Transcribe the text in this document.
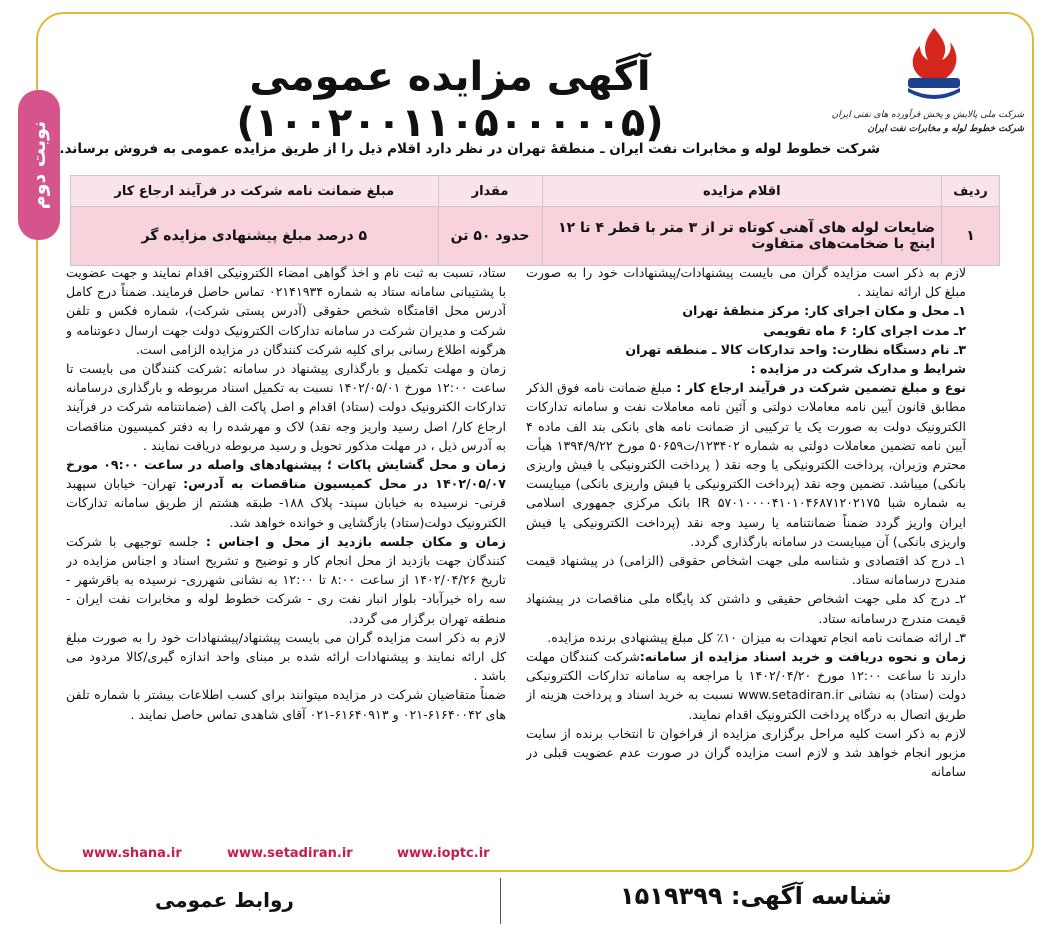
نوبت دوم
شرکت ملی پالایش و پخش فرآورده های نفتی ایران
شرکت خطوط لوله و مخابرات نفت ایران
آگهی مزایده عمومی (۱۰۰۲۰۰۱۱۰۵۰۰۰۰۰۵)

شرکت خطوط لوله و مخابرات نفت ایران ـ منطقۀ تهران در نظر دارد اقلام ذیل را از طریق مزایده عمومی به فروش برساند.

ردیف	اقلام مزایده	مقدار	مبلغ ضمانت نامه شرکت در فرآیند ارجاع کار
۱	ضایعات لوله های آهنی کوتاه تر از ۳ متر با قطر ۴ تا ۱۲ اینچ با ضخامت‌های متفاوت	حدود ۵۰ تن	۵ درصد مبلغ پیشنهادی مزایده گر

لازم به ذکر است مزایده گران می بایست پیشنهادات/پیشنهادات خود را به صورت مبلغ کل ارائه نمایند .

۱ـ محل و مکان اجرای کار: مرکز منطقۀ تهران

۲ـ مدت اجرای کار: ۶ ماه تقویمی

۳ـ نام دستگاه نظارت: واحد تدارکات کالا ـ منطقه تهران

شرایط و مدارک شرکت در مزایده :

نوع و مبلغ تضمین شرکت در فرآیند ارجاع کار : مبلغ ضمانت نامه فوق الذکر مطابق قانون آیین نامه معاملات دولتی و آئین نامه معاملات نفت و سامانه تدارکات الکترونیک دولت به صورت یک یا ترکیبی از ضمانت نامه های بانکی بند الف ماده ۴ آیین نامه تضمین معاملات دولتی به شماره ۱۲۳۴۰۲/ت۵۰۶۵۹ مورخ ۱۳۹۴/۹/۲۲ هیأت محترم وزیران، پرداخت الکترونیکی یا وجه نقد ( پرداخت الکترونیکی یا فیش واریزی بانکی) میباشد. تضمین وجه نقد (پرداخت الکترونیکی یا فیش واریزی بانکی) میبایست به شماره شبا IR ۵۷۰۱۰۰۰۰۴۱۰۱۰۴۶۸۷۱۲۰۲۱۷۵ بانک مرکزی جمهوری اسلامی ایران واریز گردد ضمناً ضمانتنامه یا رسید وجه نقد (پرداخت الکترونیکی یا فیش واریزی بانکی) آن میبایست در سامانه بارگذاری گردد.

۱ـ درج کد اقتصادی و شناسه ملی جهت اشخاص حقوقی (الزامی) در پیشنهاد قیمت مندرج درسامانه ستاد.

۲ـ درج کد ملی جهت اشخاص حقیقی و داشتن کد پایگاه ملی مناقصات در پیشنهاد قیمت مندرج درسامانه ستاد.

۳ـ ارائه ضمانت نامه انجام تعهدات به میزان ۱۰٪ کل مبلغ پیشنهادی برنده مزایده.

زمان و نحوه دریافت و خرید اسناد مزایده از سامانه:شرکت کنندگان مهلت دارند تا ساعت ۱۲:۰۰ مورخ ۱۴۰۲/۰۴/۲۰ با مراجعه به سامانه تدارکات الکترونیکی دولت (ستاد) به نشانی www.setadiran.ir نسبت به خرید اسناد و پرداخت هزینه از طریق اتصال به درگاه پرداخت الکترونیک اقدام نمایند.

لازم به ذکر است کلیه مراحل برگزاری مزایده از فراخوان تا انتخاب برنده از سایت مزبور انجام خواهد شد و لازم است مزایده گران در صورت عدم عضویت قبلی در سامانه

ستاد، نسبت به ثبت نام و اخذ گواهی امضاء الکترونیکی اقدام نمایند و جهت عضویت با پشتیبانی سامانه ستاد به شماره ۰۲۱۴۱۹۳۴ تماس حاصل فرمایند. ضمناً درج کامل آدرس محل اقامتگاه شخص حقوقی (آدرس پستی شرکت)، شماره فکس و تلفن شرکت و مدیران شرکت در سامانه تدارکات الکترونیک دولت جهت ارسال دعوتنامه و هرگونه اطلاع رسانی برای کلیه شرکت کنندگان در مزایده الزامی است.

زمان و مهلت تکمیل و بارگذاری پیشنهاد در سامانه :شرکت کنندگان می بایست تا ساعت ۱۲:۰۰ مورخ ۱۴۰۲/۰۵/۰۱ نسبت به تکمیل اسناد مربوطه و بارگذاری درسامانه تدارکات الکترونیک دولت (ستاد) اقدام و اصل پاکت الف (ضمانتنامه شرکت در فرآیند ارجاع کار/ اصل رسید واریز وجه نقد) لاک و مهرشده را به دفتر کمیسیون مناقصات به آدرس ذیل ، در مهلت مذکور تحویل و رسید مربوطه دریافت نمایند .

زمان و محل گشایش پاکات ؛ پیشنهادهای واصله در ساعت ۰۹:۰۰ مورخ ۱۴۰۲/۰۵/۰۷ در محل کمیسیون مناقصات به آدرس: تهران- خیابان سپهبد قرنی- نرسیده به خیابان سپند- پلاک ۱۸۸- طبقه هشتم از طریق سامانه تدارکات الکترونیک دولت(ستاد) بازگشایی و خوانده خواهد شد.

زمان و مکان جلسه بازدید از محل و اجناس : جلسه توجیهی با شرکت کنندگان جهت بازدید از محل انجام کار و توضیح و تشریح اسناد و اجناس مزایده در تاریخ ۱۴۰۲/۰۴/۲۶ از ساعت ۸:۰۰ تا ۱۲:۰۰ به نشانی شهرری- نرسیده به باقرشهر - سه راه خیرآباد- بلوار انبار نفت ری - شرکت خطوط لوله و مخابرات نفت ایران - منطقه تهران برگزار می گردد.

لازم به ذکر است مزایده گران می بایست پیشنهاد/پیشنهادات خود را به صورت مبلغ کل ارائه نمایند و پیشنهادات ارائه شده بر مبنای واحد اندازه گیری/کالا مردود می باشد .

ضمناً متقاضیان شرکت در مزایده میتوانند برای کسب اطلاعات بیشتر با شماره تلفن های ۶۱۶۴۰۰۴۲-۰۲۱ و ۶۱۶۴۰۹۱۳-۰۲۱ آقای شاهدی تماس حاصل نمایند .

www.shana.ir	www.setadiran.ir	www.ioptc.ir
شناسه آگهی: ۱۵۱۹۳۹۹
روابط عمومی
